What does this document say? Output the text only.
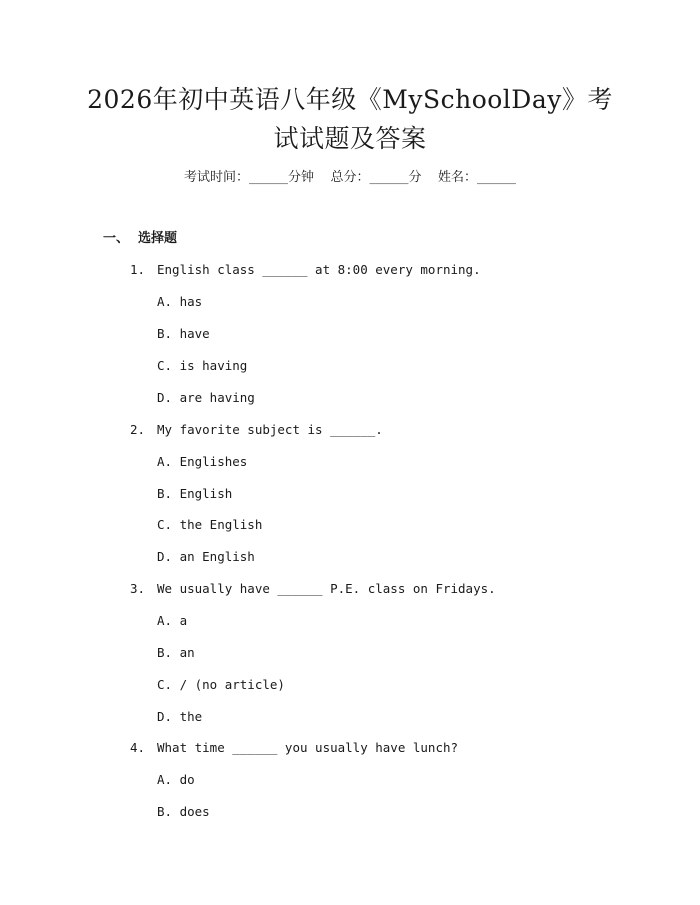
2026年初中英语八年级《MySchoolDay》考
试试题及答案
考试时间：______分钟    总分：______分    姓名：______
一、  选择题
1. English class ______ at 8:00 every morning.
A. has
B. have
C. is having
D. are having
2. My favorite subject is ______.
A. Englishes
B. English
C. the English
D. an English
3. We usually have ______ P.E. class on Fridays.
A. a
B. an
C. / (no article)
D. the
4. What time ______ you usually have lunch?
A. do
B. does
